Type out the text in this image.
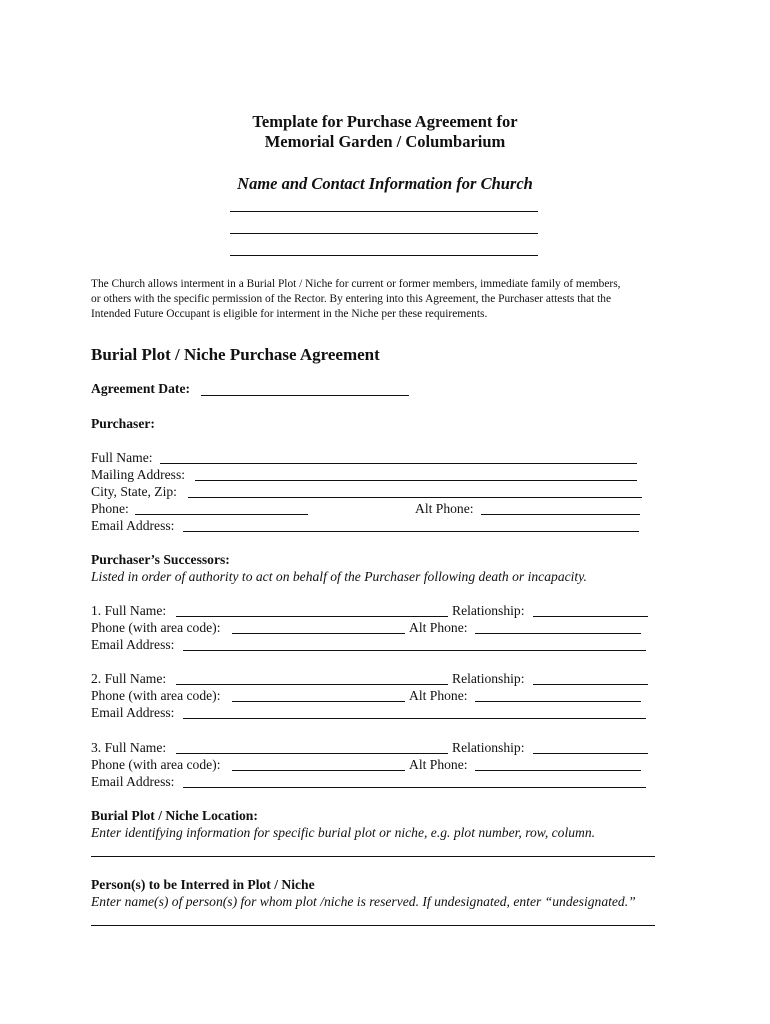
Template for Purchase Agreement for
Memorial Garden / Columbarium
Name and Contact Information for Church
The Church allows interment in a Burial Plot / Niche for current or former members, immediate family of members,
or others with the specific permission of the Rector. By entering into this Agreement, the Purchaser attests that the
Intended Future Occupant is eligible for interment in the Niche per these requirements.
Burial Plot / Niche Purchase Agreement
Agreement Date:
Purchaser:
Full Name:
Mailing Address:
City, State, Zip:
Phone:	Alt Phone:
Email Address:
Purchaser’s Successors:
Listed in order of authority to act on behalf of the Purchaser following death or incapacity.
1. Full Name:	Relationship:
Phone (with area code):	Alt Phone:
Email Address:
2. Full Name:	Relationship:
Phone (with area code):	Alt Phone:
Email Address:
3. Full Name:	Relationship:
Phone (with area code):	Alt Phone:
Email Address:
Burial Plot / Niche Location:
Enter identifying information for specific burial plot or niche, e.g. plot number, row, column.
Person(s) to be Interred in Plot / Niche
Enter name(s) of person(s) for whom plot /niche is reserved. If undesignated, enter “undesignated.”
